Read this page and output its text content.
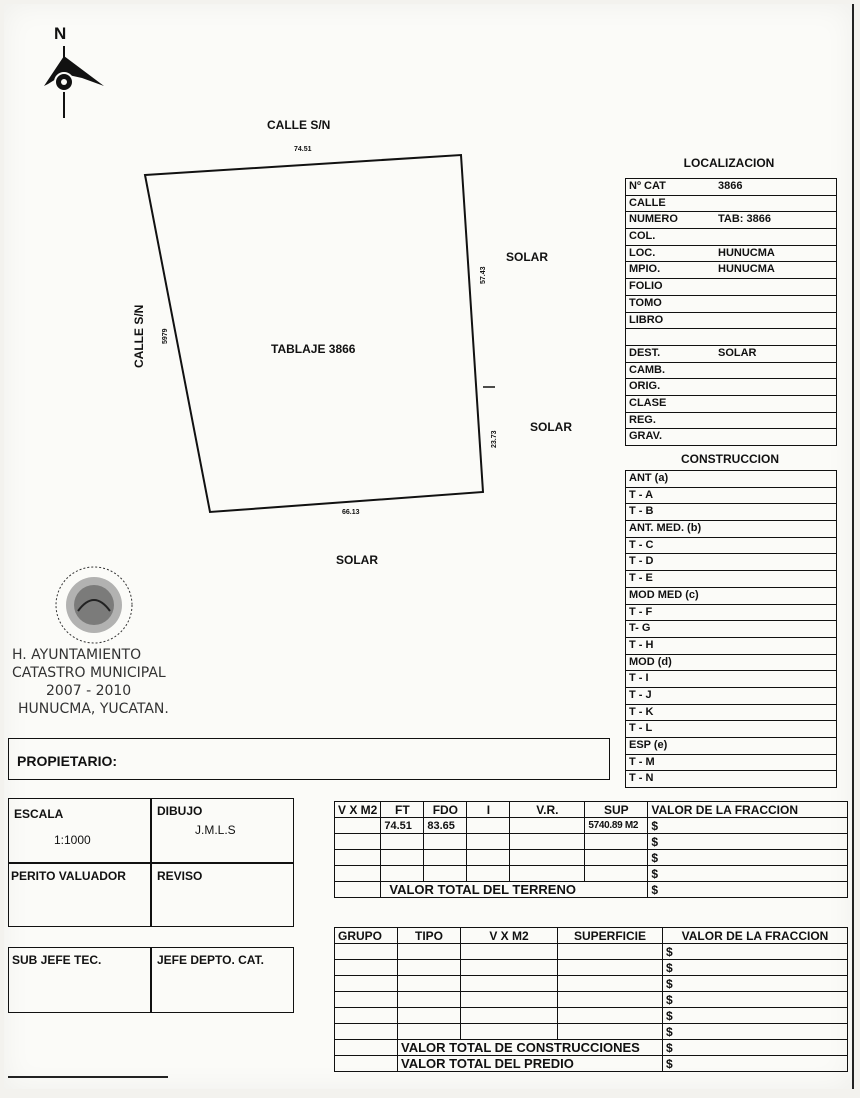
N
CALLE S/N
74.51
CALLE S/N 5979
57.43
23.73
66.13
TABLAJE 3866
SOLAR
SOLAR
SOLAR
LOCALIZACION
Nº CAT	3866
CALLE
NUMERO	TAB: 3866
COL.
LOC.	HUNUCMA
MPIO.	HUNUCMA
FOLIO
TOMO
LIBRO
DEST.	SOLAR
CAMB.
ORIG.
CLASE
REG.
GRAV.
CONSTRUCCION
ANT (a)
T - A
T - B
ANT. MED. (b)
T - C
T - D
T - E
MOD MED (c)
T - F
T- G
T - H
MOD (d)
T - I
T - J
T - K
T - L
ESP (e)
T - M
T - N
H. AYUNTAMIENTO
CATASTRO MUNICIPAL
2007 - 2010
HUNUCMA, YUCATAN.
PROPIETARIO:
ESCALA
1:1000
DIBUJO
J.M.L.S
PERITO VALUADOR	REVISO
SUB JEFE TEC.	JEFE DEPTO. CAT.
V X M2	FT	FDO	I	V.R.	SUP	VALOR DE LA FRACCION
	74.51	83.65			5740.89 M2	$
						$
						$
						$
	VALOR TOTAL DEL TERRENO					$
GRUPO	TIPO	V X M2	SUPERFICIE	VALOR DE LA FRACCION
				$
				$
				$
				$
				$
				$
	VALOR TOTAL DE CONSTRUCCIONES			$
	VALOR TOTAL DEL PREDIO			$
